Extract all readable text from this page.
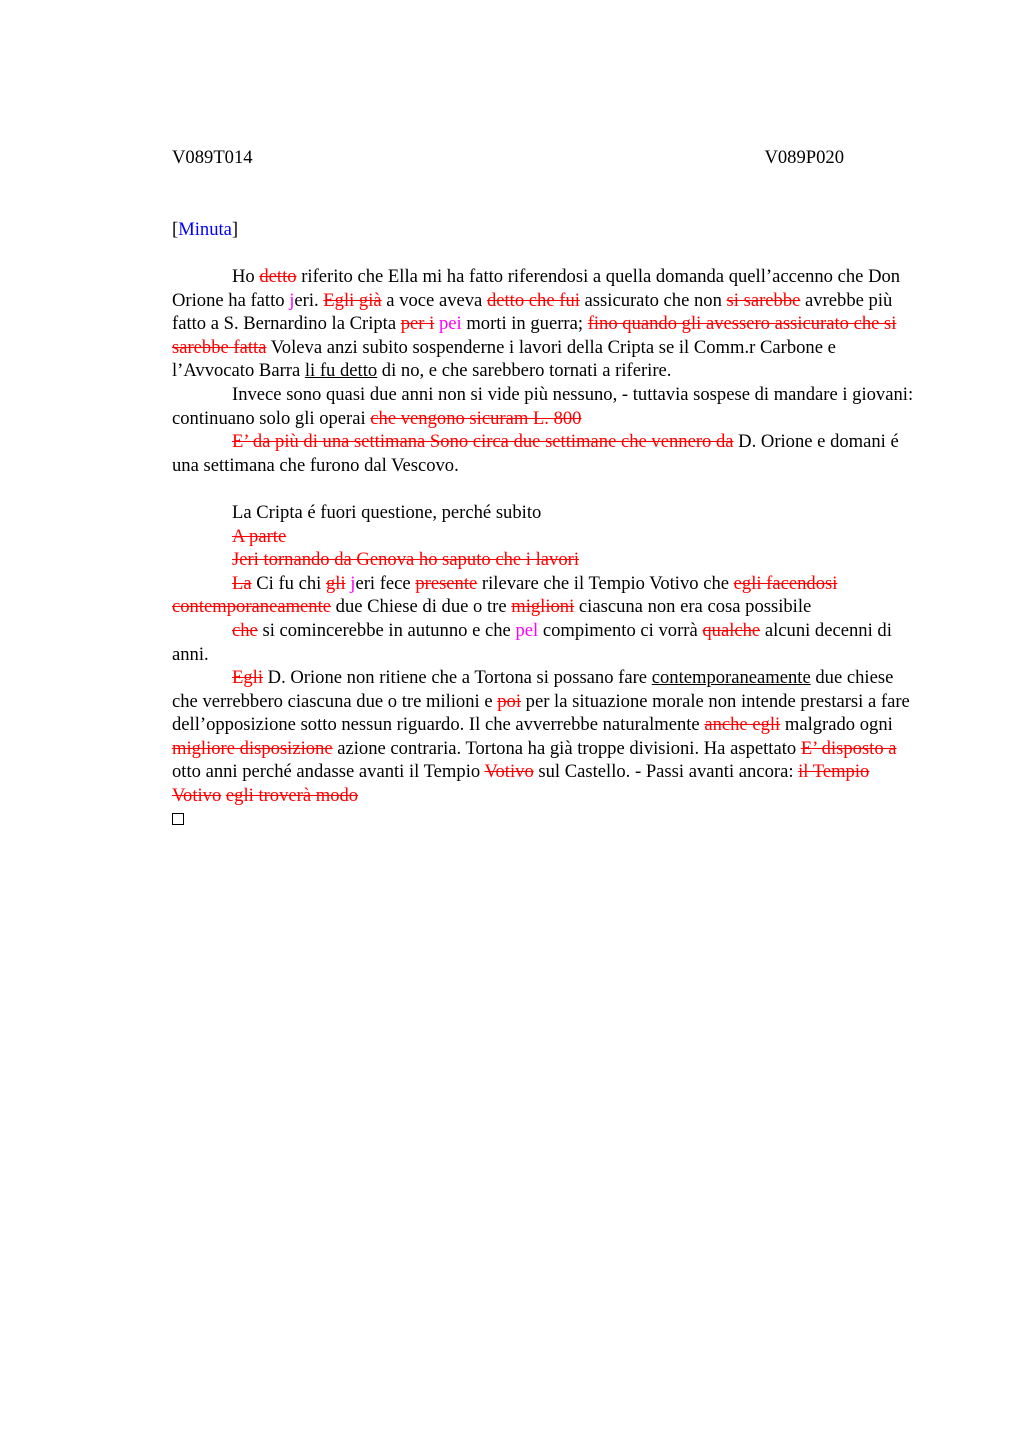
V089T014	V089P020
[Minuta]

Ho detto riferito che Ella mi ha fatto riferendosi a quella domanda quell’accenno che Don Orione ha fatto jeri. Egli già a voce aveva detto che fui assicurato che non si sarebbe avrebbe più fatto a S. Bernardino la Cripta per i pei morti in guerra; fino quando gli avessero assicurato che si sarebbe fatta Voleva anzi subito sospenderne i lavori della Cripta se il Comm.r Carbone e l’Avvocato Barra li fu detto di no, e che sarebbero tornati a riferire.

Invece sono quasi due anni non si vide più nessuno, - tuttavia sospese di mandare i giovani: continuano solo gli operai che vengono sicuram L. 800

E’ da più di una settimana Sono circa due settimane che vennero da D. Orione e domani é una settimana che furono dal Vescovo.

La Cripta é fuori questione, perché subito

A parte

Jeri tornando da Genova ho saputo che i lavori

La Ci fu chi gli jeri fece presente rilevare che il Tempio Votivo che egli facendosi contemporaneamente due Chiese di due o tre miglioni ciascuna non era cosa possibile

che si comincerebbe in autunno e che pel compimento ci vorrà qualche alcuni decenni di anni.

Egli D. Orione non ritiene che a Tortona si possano fare contemporaneamente due chiese che verrebbero ciascuna due o tre milioni e poi per la situazione morale non intende prestarsi a fare dell’opposizione sotto nessun riguardo. Il che avverrebbe naturalmente anche egli malgrado ogni migliore disposizione azione contraria. Tortona ha già troppe divisioni. Ha aspettato E’ disposto a otto anni perché andasse avanti il Tempio Votivo sul Castello. - Passi avanti ancora: il Tempio Votivo egli troverà modo
